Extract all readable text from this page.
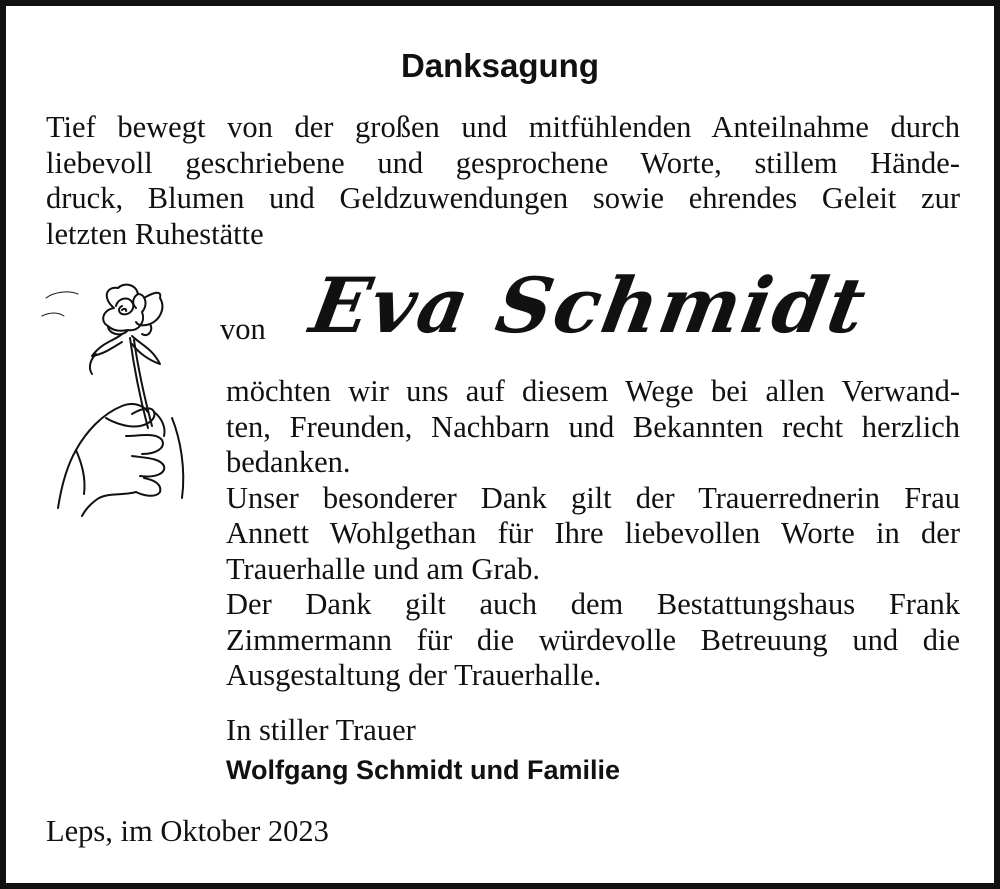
Danksagung
Tief bewegt von der großen und mitfühlenden Anteilnahme durch
liebevoll geschriebene und gesprochene Worte, stillem Hände-
druck, Blumen und Geldzuwendungen sowie ehrendes Geleit zur
letzten Ruhestätte
von Eva Schmidt
möchten wir uns auf diesem Wege bei allen Verwand-
ten, Freunden, Nachbarn und Bekannten recht herzlich
bedanken.
Unser besonderer Dank gilt der Trauerrednerin Frau
Annett Wohlgethan für Ihre liebevollen Worte in der
Trauerhalle und am Grab.
Der Dank gilt auch dem Bestattungshaus Frank
Zimmermann für die würdevolle Betreuung und die
Ausgestaltung der Trauerhalle.
In stiller Trauer
Wolfgang Schmidt und Familie
Leps, im Oktober 2023
